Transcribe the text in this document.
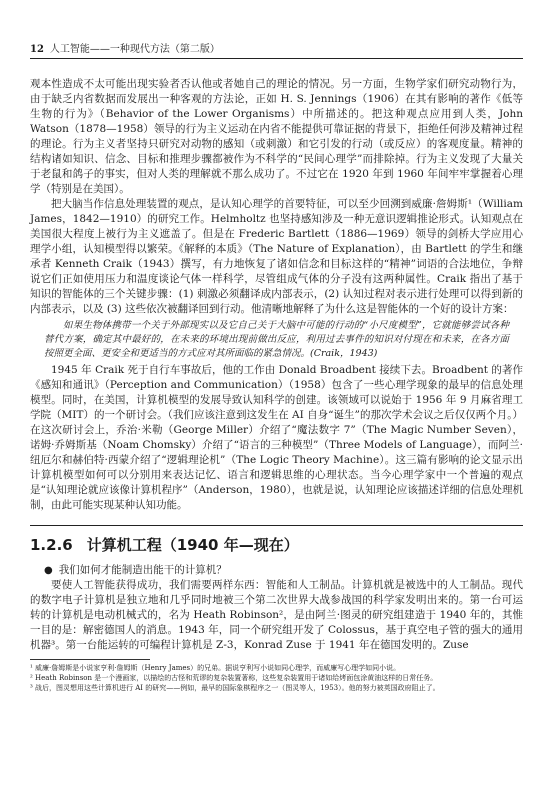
12 人工智能——一种现代方法（第二版）

观本性造成不太可能出现实验者否认他或者她自己的理论的情况。另一方面，生物学家们研究动物行为，由于缺乏内省数据而发展出一种客观的方法论，正如 H. S. Jennings（1906）在其有影响的著作《低等生物的行为》（Behavior of the Lower Organisms）中所描述的。把这种观点应用到人类，John Watson（1878—1958）领导的行为主义运动在内省不能提供可靠证据的背景下，拒绝任何涉及精神过程的理论。行为主义者坚持只研究对动物的感知（或刺激）和它引发的行动（或反应）的客观度量。精神的结构诸如知识、信念、目标和推理步骤都被作为不科学的“民间心理学”而排除掉。行为主义发现了大量关于老鼠和鸽子的事实，但对人类的理解就不那么成功了。不过它在 1920 年到 1960 年间牢牢掌握着心理学（特别是在美国）。

把大脑当作信息处理装置的观点，是认知心理学的首要特征，可以至少回溯到威廉·詹姆斯¹（William James，1842—1910）的研究工作。Helmholtz 也坚持感知涉及一种无意识逻辑推论形式。认知观点在美国很大程度上被行为主义遮盖了。但是在 Frederic Bartlett（1886—1969）领导的剑桥大学应用心理学小组，认知模型得以繁荣。《解释的本质》（The Nature of Explanation），由 Bartlett 的学生和继承者 Kenneth Craik（1943）撰写，有力地恢复了诸如信念和目标这样的“精神”词语的合法地位，争辩说它们正如使用压力和温度谈论气体一样科学，尽管组成气体的分子没有这两种属性。Craik 指出了基于知识的智能体的三个关键步骤：(1) 刺激必须翻译成内部表示，(2) 认知过程对表示进行处理可以得到新的内部表示，以及 (3) 这些依次被翻译回到行动。他清晰地解释了为什么这是智能体的一个好的设计方案：

如果生物体携带一个关于外部现实以及它自己关于大脑中可能的行动的“小尺度模型”，它就能够尝试各种替代方案，确定其中最好的，在未来的环境出现前做出反应，利用过去事件的知识对付现在和未来，在各方面按照更全面、更安全和更适当的方式应对其所面临的紧急情况。(Craik，1943)

1945 年 Craik 死于自行车事故后，他的工作由 Donald Broadbent 接续下去。Broadbent 的著作《感知和通讯》（Perception and Communication）（1958）包含了一些心理学现象的最早的信息处理模型。同时，在美国，计算机模型的发展导致认知科学的创建。该领域可以说始于 1956 年 9 月麻省理工学院（MIT）的一个研讨会。（我们应该注意到这发生在 AI 自身“诞生”的那次学术会议之后仅仅两个月。）在这次研讨会上，乔治·米勒（George Miller）介绍了“魔法数字 7”（The Magic Number Seven），诺姆·乔姆斯基（Noam Chomsky）介绍了“语言的三种模型”（Three Models of Language），而阿兰·纽厄尔和赫伯特·西蒙介绍了“逻辑理论机”（The Logic Theory Machine）。这三篇有影响的论文显示出计算机模型如何可以分别用来表达记忆、语言和逻辑思维的心理状态。当今心理学家中一个普遍的观点是“认知理论就应该像计算机程序”（Anderson，1980），也就是说，认知理论应该描述详细的信息处理机制，由此可能实现某种认知功能。

1.2.6 计算机工程（1940 年—现在）
● 我们如何才能制造出能干的计算机？

要使人工智能获得成功，我们需要两样东西：智能和人工制品。计算机就是被选中的人工制品。现代的数字电子计算机是独立地和几乎同时地被三个第二次世界大战参战国的科学家发明出来的。第一台可运转的计算机是电动机械式的，名为 Heath Robinson²，是由阿兰·图灵的研究组建造于 1940 年的，其惟一目的是：解密德国人的消息。1943 年，同一个研究组开发了 Colossus，基于真空电子管的强大的通用机器³。第一台能运转的可编程计算机是 Z-3，Konrad Zuse 于 1941 年在德国发明的。Zuse

¹ 威廉·詹姆斯是小说家亨利·詹姆斯（Henry James）的兄弟。据说亨利写小说如同心理学，而威廉写心理学如同小说。

² Heath Robinson 是一个漫画家，以描绘的古怪和荒谬的复杂装置著称，这些复杂装置用于诸如给烤面包涂黄油这样的日常任务。

³ 战后，图灵想用这些计算机进行 AI 的研究——例如，最早的国际象棋程序之一（图灵等人，1953）。他的努力被英国政府阻止了。
